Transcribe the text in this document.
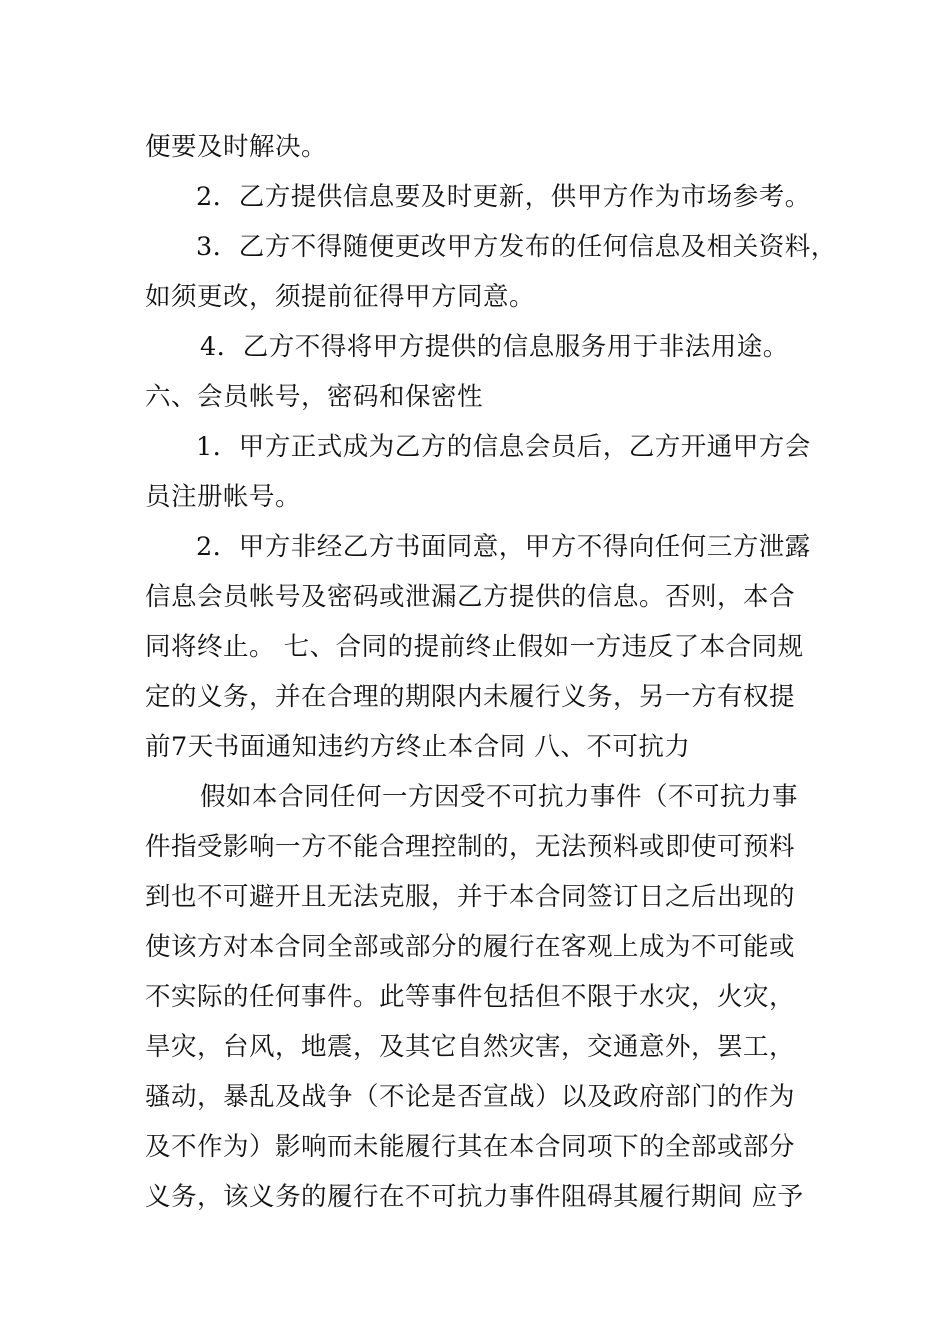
便要及时解决。
2．乙方提供信息要及时更新，供甲方作为市场参考。
3．乙方不得随便更改甲方发布的任何信息及相关资料，
如须更改，须提前征得甲方同意。
4．乙方不得将甲方提供的信息服务用于非法用途。
六、会员帐号，密码和保密性
1．甲方正式成为乙方的信息会员后，乙方开通甲方会
员注册帐号。
2．甲方非经乙方书面同意，甲方不得向任何三方泄露
信息会员帐号及密码或泄漏乙方提供的信息。否则，本合
同将终止。 七、合同的提前终止假如一方违反了本合同规
定的义务，并在合理的期限内未履行义务，另一方有权提
前7天书面通知违约方终止本合同 八、不可抗力
假如本合同任何一方因受不可抗力事件（不可抗力事
件指受影响一方不能合理控制的，无法预料或即使可预料
到也不可避开且无法克服，并于本合同签订日之后出现的
使该方对本合同全部或部分的履行在客观上成为不可能或
不实际的任何事件。此等事件包括但不限于水灾，火灾，
旱灾，台风，地震，及其它自然灾害，交通意外，罢工，
骚动，暴乱及战争（不论是否宣战）以及政府部门的作为
及不作为）影响而未能履行其在本合同项下的全部或部分
义务，该义务的履行在不可抗力事件阻碍其履行期间 应予
